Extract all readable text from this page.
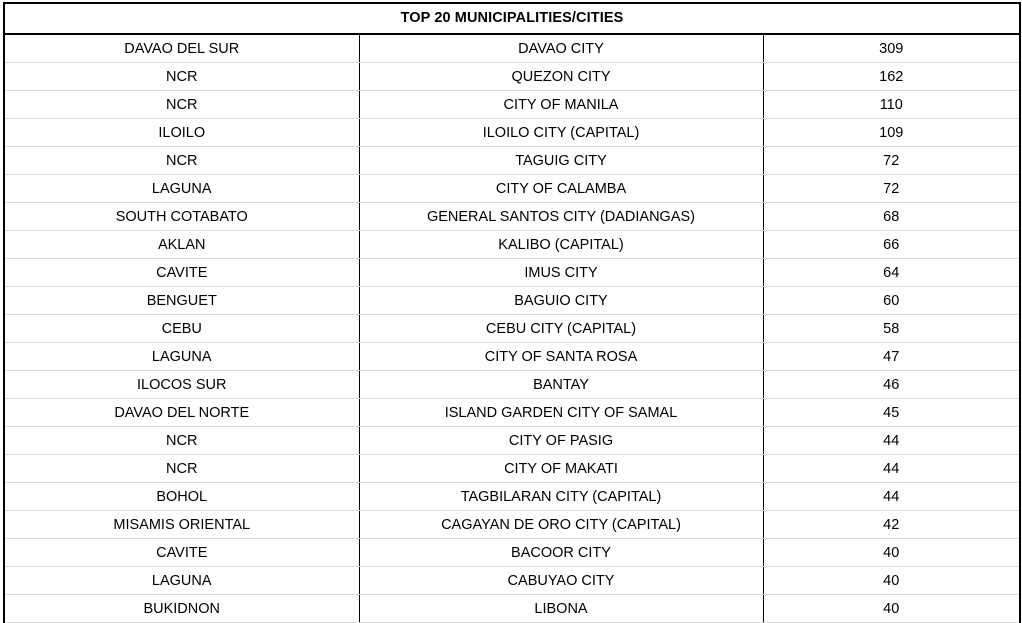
TOP 20 MUNICIPALITIES/CITIES		
DAVAO DEL SUR	DAVAO CITY	309
NCR	QUEZON CITY	162
NCR	CITY OF MANILA	110
ILOILO	ILOILO CITY (CAPITAL)	109
NCR	TAGUIG CITY	72
LAGUNA	CITY OF CALAMBA	72
SOUTH COTABATO	GENERAL SANTOS CITY (DADIANGAS)	68
AKLAN	KALIBO (CAPITAL)	66
CAVITE	IMUS CITY	64
BENGUET	BAGUIO CITY	60
CEBU	CEBU CITY (CAPITAL)	58
LAGUNA	CITY OF SANTA ROSA	47
ILOCOS SUR	BANTAY	46
DAVAO DEL NORTE	ISLAND GARDEN CITY OF SAMAL	45
NCR	CITY OF PASIG	44
NCR	CITY OF MAKATI	44
BOHOL	TAGBILARAN CITY (CAPITAL)	44
MISAMIS ORIENTAL	CAGAYAN DE ORO CITY (CAPITAL)	42
CAVITE	BACOOR CITY	40
LAGUNA	CABUYAO CITY	40
BUKIDNON	LIBONA	40
